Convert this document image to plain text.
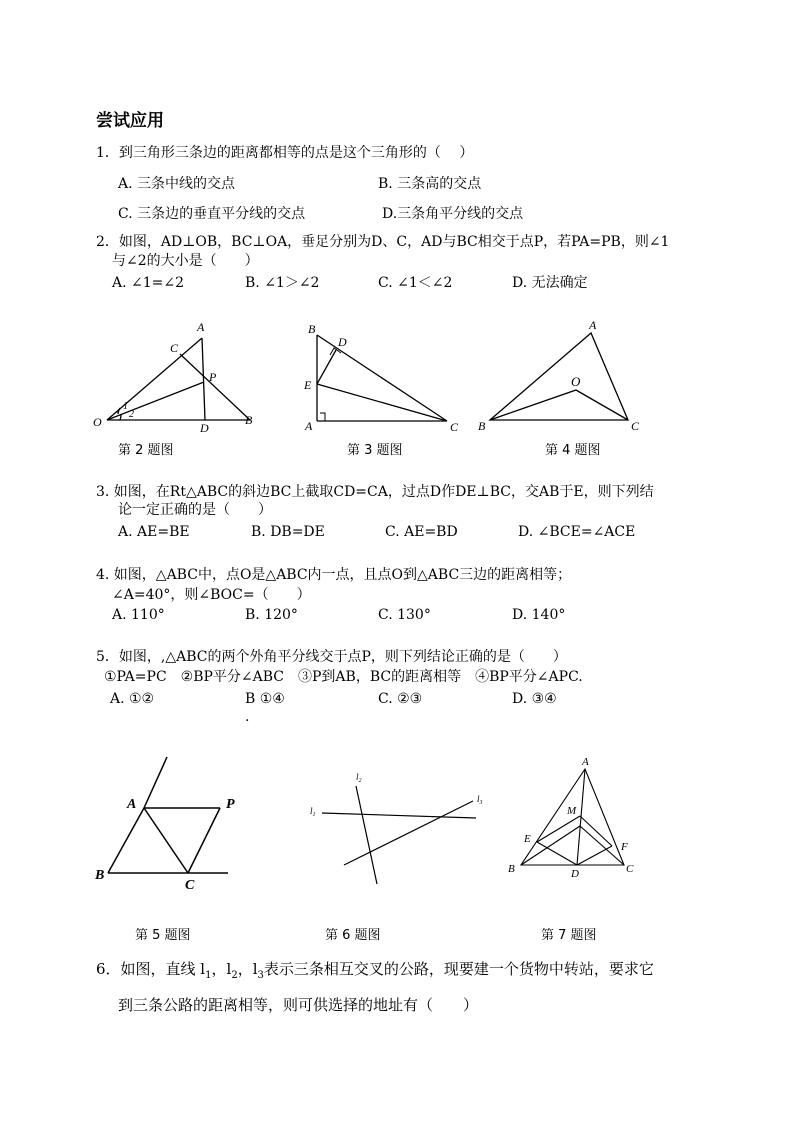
尝试应用
1．到三角形三条边的距离都相等的点是这个三角形的（　 ）
A. 三条中线的交点	B. 三条高的交点
C. 三条边的垂直平分线的交点	D.三条角平分线的交点
2．如图，AD⊥OB，BC⊥OA，垂足分别为D、C，AD与BC相交于点P，若PA=PB，则∠1
与∠2的大小是（　　）
A. ∠1=∠2	B. ∠1＞∠2	C. ∠1＜∠2	D. 无法确定
A
C
P
O	D
B
1
2
B
D
E
A	C
A
O
B	C
A	P
B
C
$l_1$
$l_2$
$l_3$
A
M
E
F
B	D	C
第 2 题图	第 3 题图	第 4 题图
3. 如图，在Rt△ABC的斜边BC上截取CD=CA，过点D作DE⊥BC，交AB于E，则下列结
论一定正确的是（　　）
A. AE=BE	B. DB=DE	C. AE=BD	D. ∠BCE=∠ACE
4. 如图，△ABC中，点O是△ABC内一点，且点O到△ABC三边的距离相等；
∠A=40°，则∠BOC=（　　）
A. 110°	B. 120°	C. 130°	D. 140°
5．如图，,△ABC的两个外角平分线交于点P，则下列结论正确的是（　　）
①PA=PC　②BP平分∠ABC　③P到AB，BC的距离相等　④BP平分∠APC.
A. ①②	B ①④
.
C. ②③	D. ③④
第 5 题图	第 6 题图	第 7 题图
6．如图，直线 $l_1$，$l_2$，$l_3$表示三条相互交叉的公路，现要建一个货物中转站，要求它
到三条公路的距离相等，则可供选择的地址有（　　）
